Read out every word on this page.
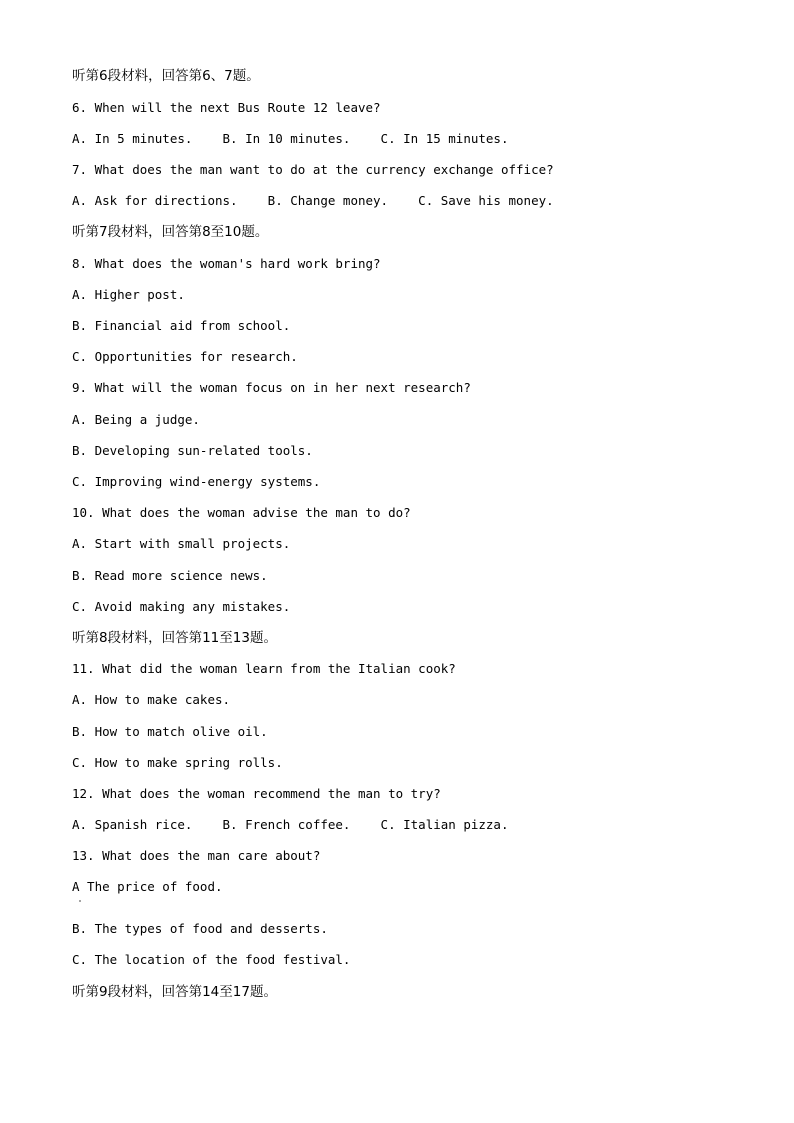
听第6段材料，回答第6、7题。
6. When will the next Bus Route 12 leave?
A. In 5 minutes.    B. In 10 minutes.    C. In 15 minutes.
7. What does the man want to do at the currency exchange office?
A. Ask for directions.    B. Change money.    C. Save his money.
听第7段材料，回答第8至10题。
8. What does the woman's hard work bring?
A. Higher post.
B. Financial aid from school.
C. Opportunities for research.
9. What will the woman focus on in her next research?
A. Being a judge.
B. Developing sun-related tools.
C. Improving wind-energy systems.
10. What does the woman advise the man to do?
A. Start with small projects.
B. Read more science news.
C. Avoid making any mistakes.
听第8段材料，回答第11至13题。
11. What did the woman learn from the Italian cook?
A. How to make cakes.
B. How to match olive oil.
C. How to make spring rolls.
12. What does the woman recommend the man to try?
A. Spanish rice.    B. French coffee.    C. Italian pizza.
13. What does the man care about?
A The price of food.
B. The types of food and desserts.
C. The location of the food festival.
听第9段材料，回答第14至17题。
